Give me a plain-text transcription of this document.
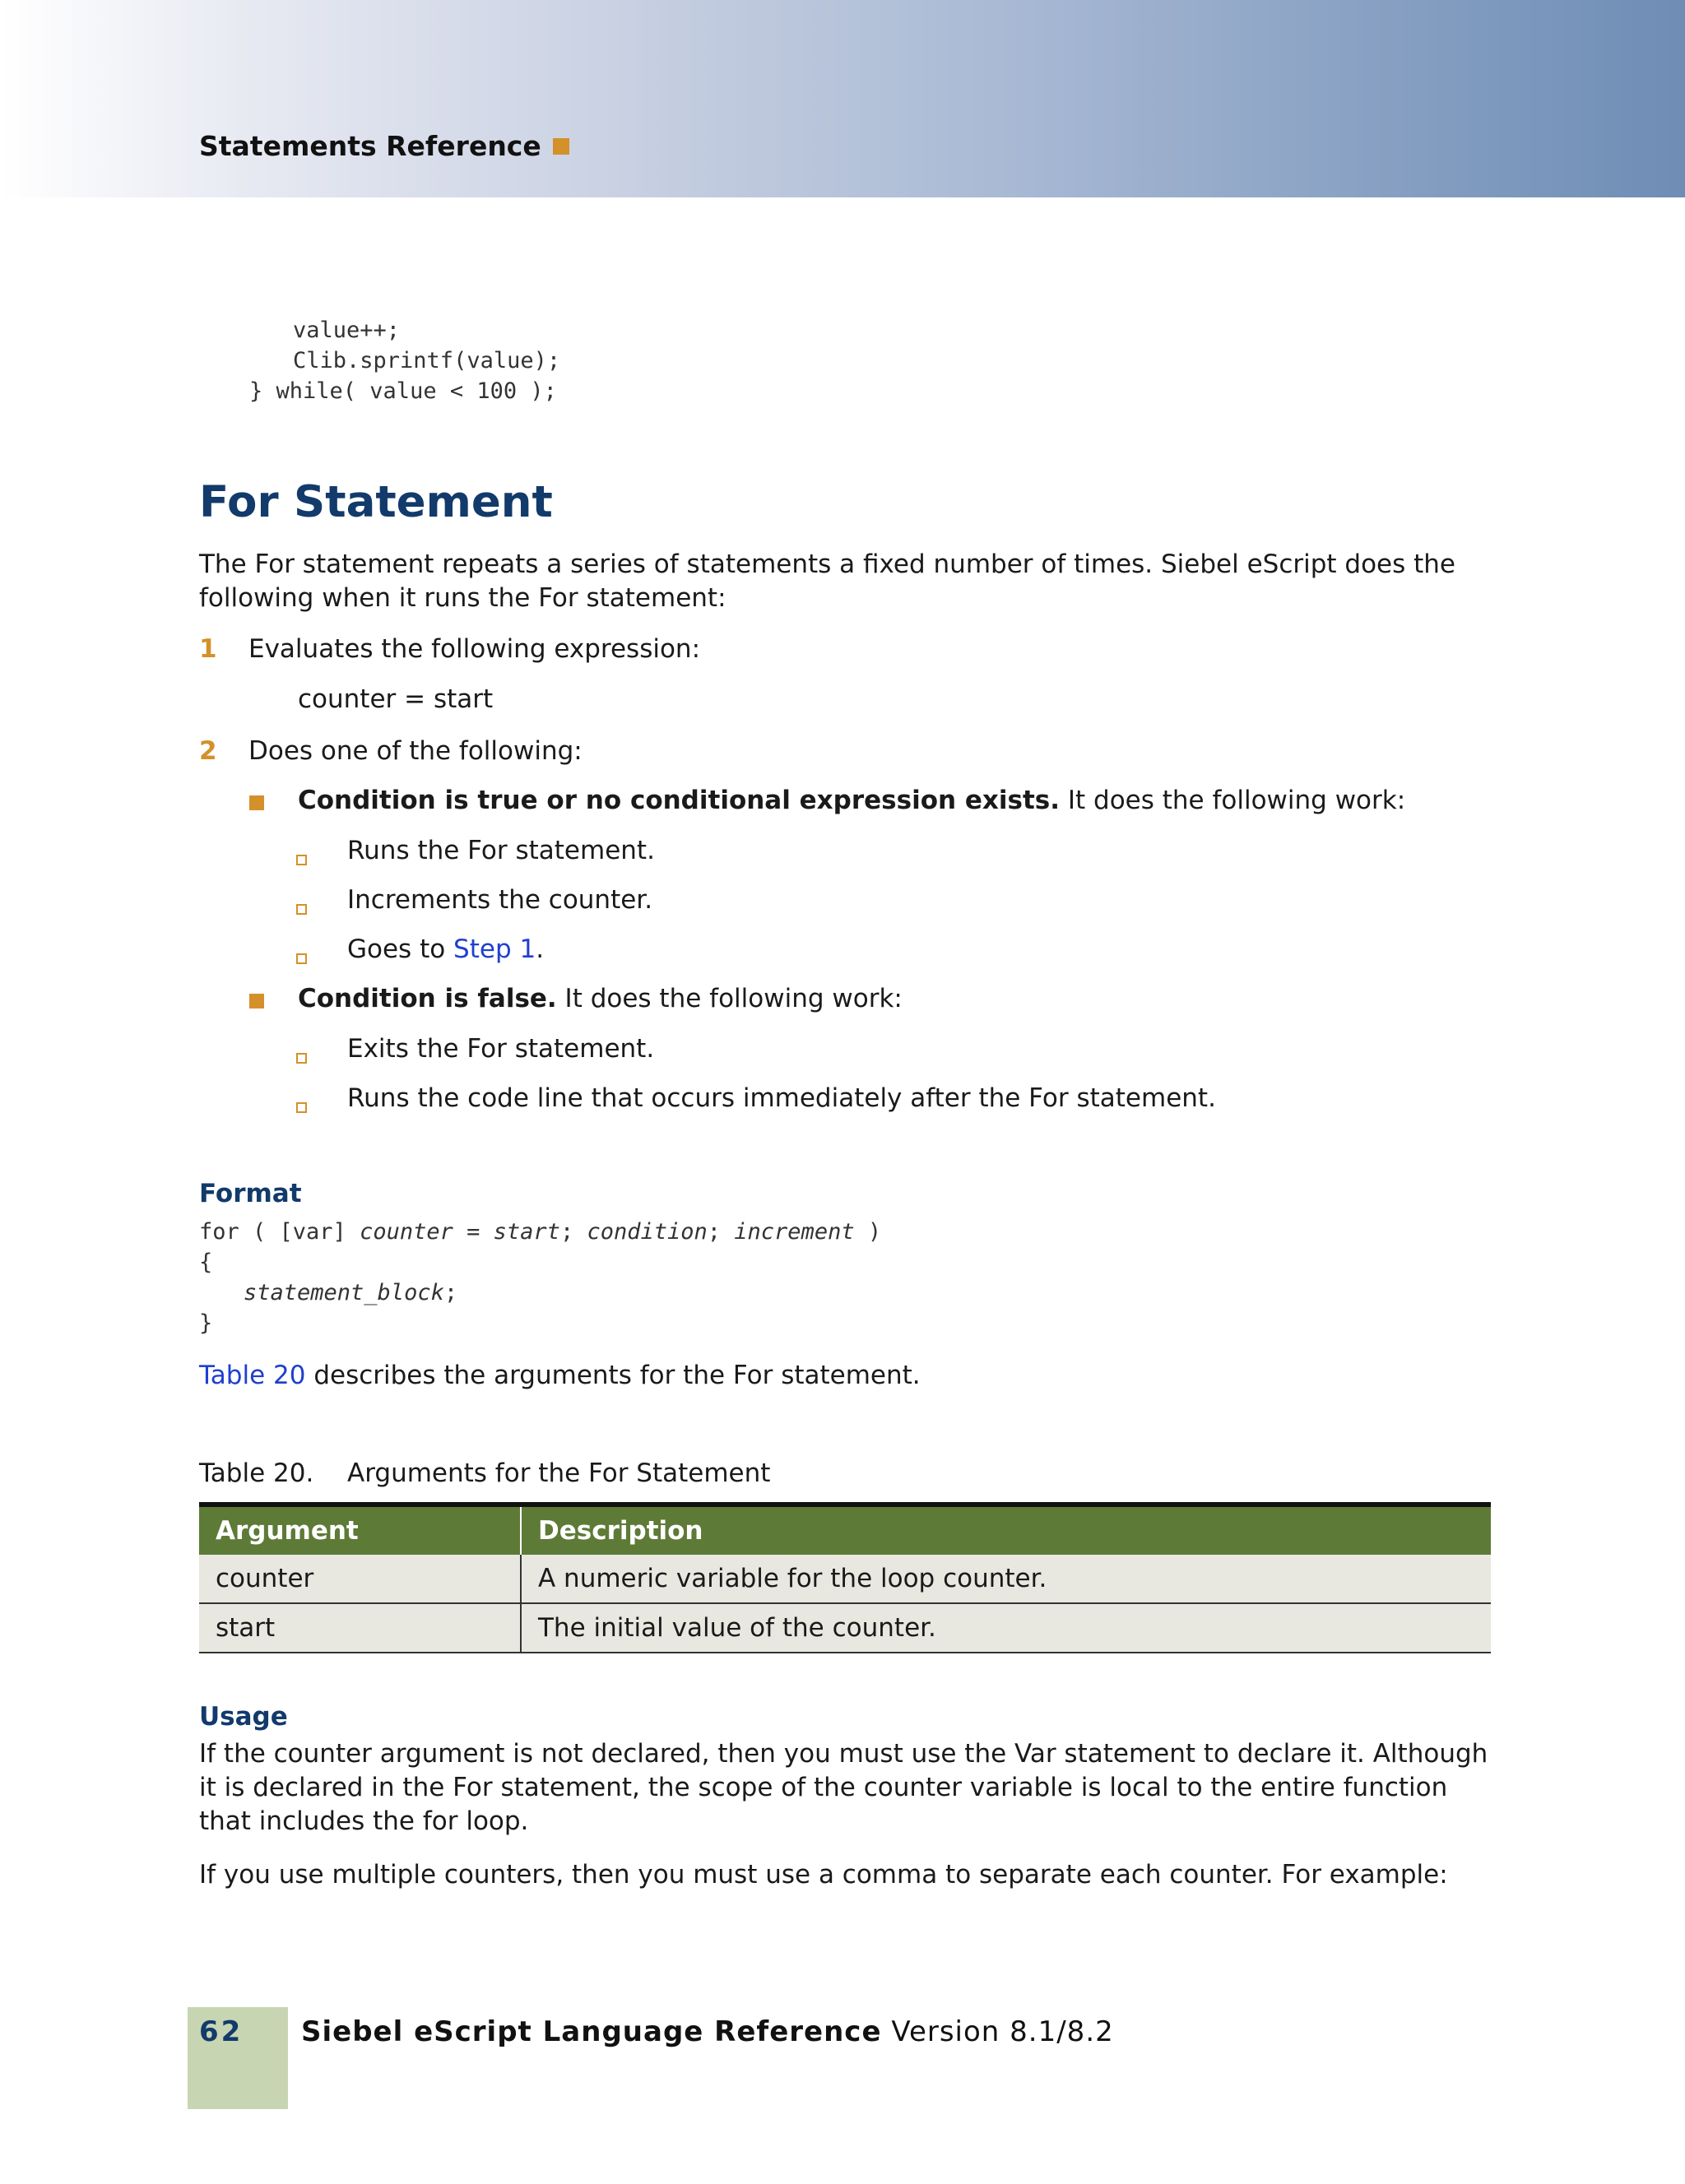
Statements Reference
value++;
Clib.sprintf(value);
} while( value < 100 );
For Statement
The For statement repeats a series of statements a fixed number of times. Siebel eScript does the following when it runs the For statement:
1 Evaluates the following expression:
counter = start
2 Does one of the following:
Condition is true or no conditional expression exists. It does the following work:
Runs the For statement.
Increments the counter.
Goes to Step 1.
Condition is false. It does the following work:
Exits the For statement.
Runs the code line that occurs immediately after the For statement.
Format
for ( [var] counter = start; condition; increment )
{
statement_block;
}
Table 20 describes the arguments for the For statement.
Table 20. Arguments for the For Statement
Argument	Description
counter	A numeric variable for the loop counter.
start	The initial value of the counter.
Usage
If the counter argument is not declared, then you must use the Var statement to declare it. Although it is declared in the For statement, the scope of the counter variable is local to the entire function that includes the for loop.
If you use multiple counters, then you must use a comma to separate each counter. For example:
62 Siebel eScript Language Reference Version 8.1/8.2
